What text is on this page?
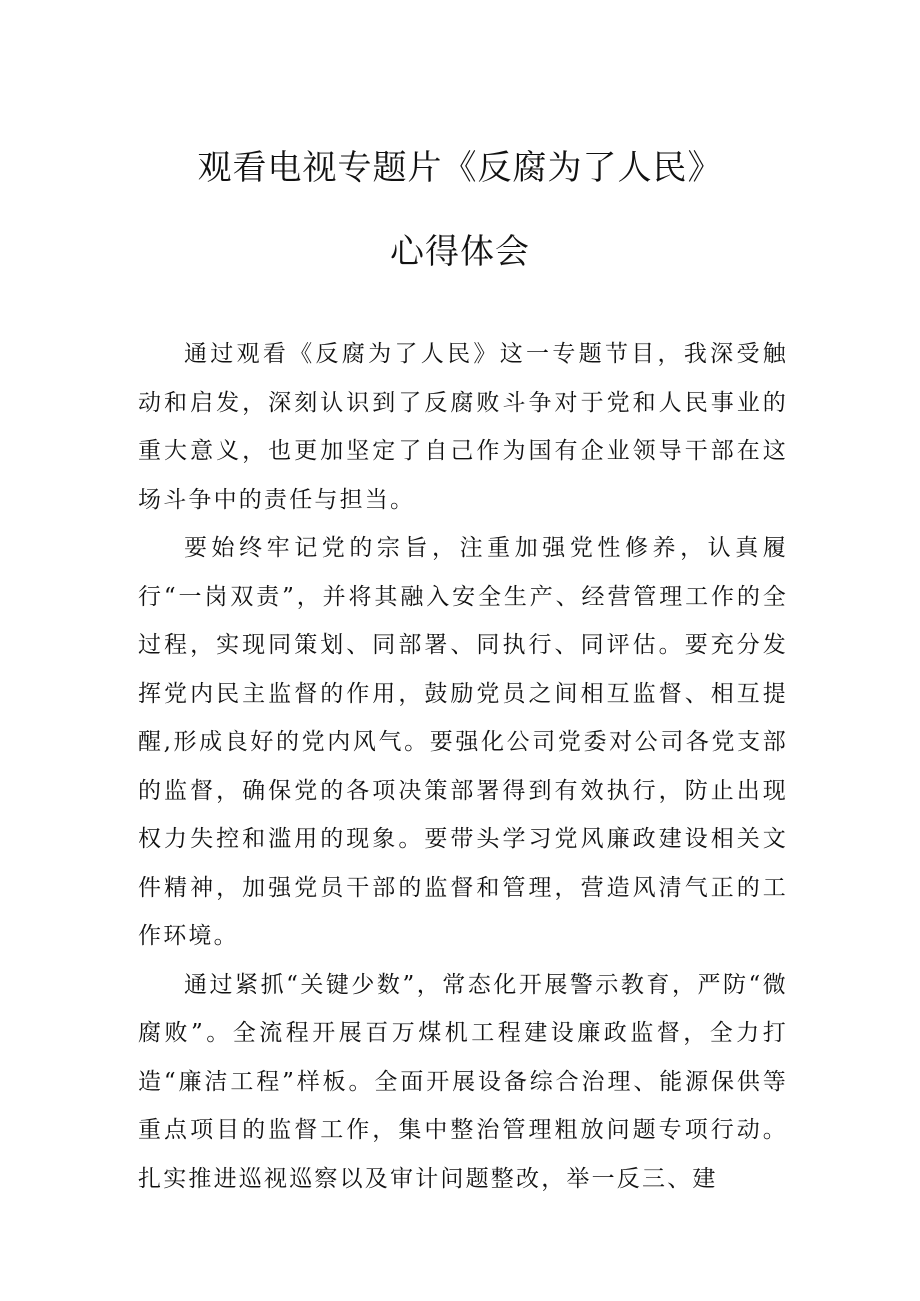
观看电视专题片《反腐为了人民》
心得体会

通过观看《反腐为了人民》这一专题节目，我深受触动和启发，深刻认识到了反腐败斗争对于党和人民事业的重大意义，也更加坚定了自己作为国有企业领导干部在这场斗争中的责任与担当。

要始终牢记党的宗旨，注重加强党性修养，认真履行“一岗双责”，并将其融入安全生产、经营管理工作的全过程，实现同策划、同部署、同执行、同评估。要充分发挥党内民主监督的作用，鼓励党员之间相互监督、相互提醒,形成良好的党内风气。要强化公司党委对公司各党支部的监督，确保党的各项决策部署得到有效执行，防止出现权力失控和滥用的现象。要带头学习党风廉政建设相关文件精神，加强党员干部的监督和管理，营造风清气正的工作环境。

通过紧抓“关键少数”，常态化开展警示教育，严防“微腐败”。全流程开展百万煤机工程建设廉政监督，全力打造“廉洁工程”样板。全面开展设备综合治理、能源保供等重点项目的监督工作，集中整治管理粗放问题专项行动。扎实推进巡视巡察以及审计问题整改，举一反三、建
